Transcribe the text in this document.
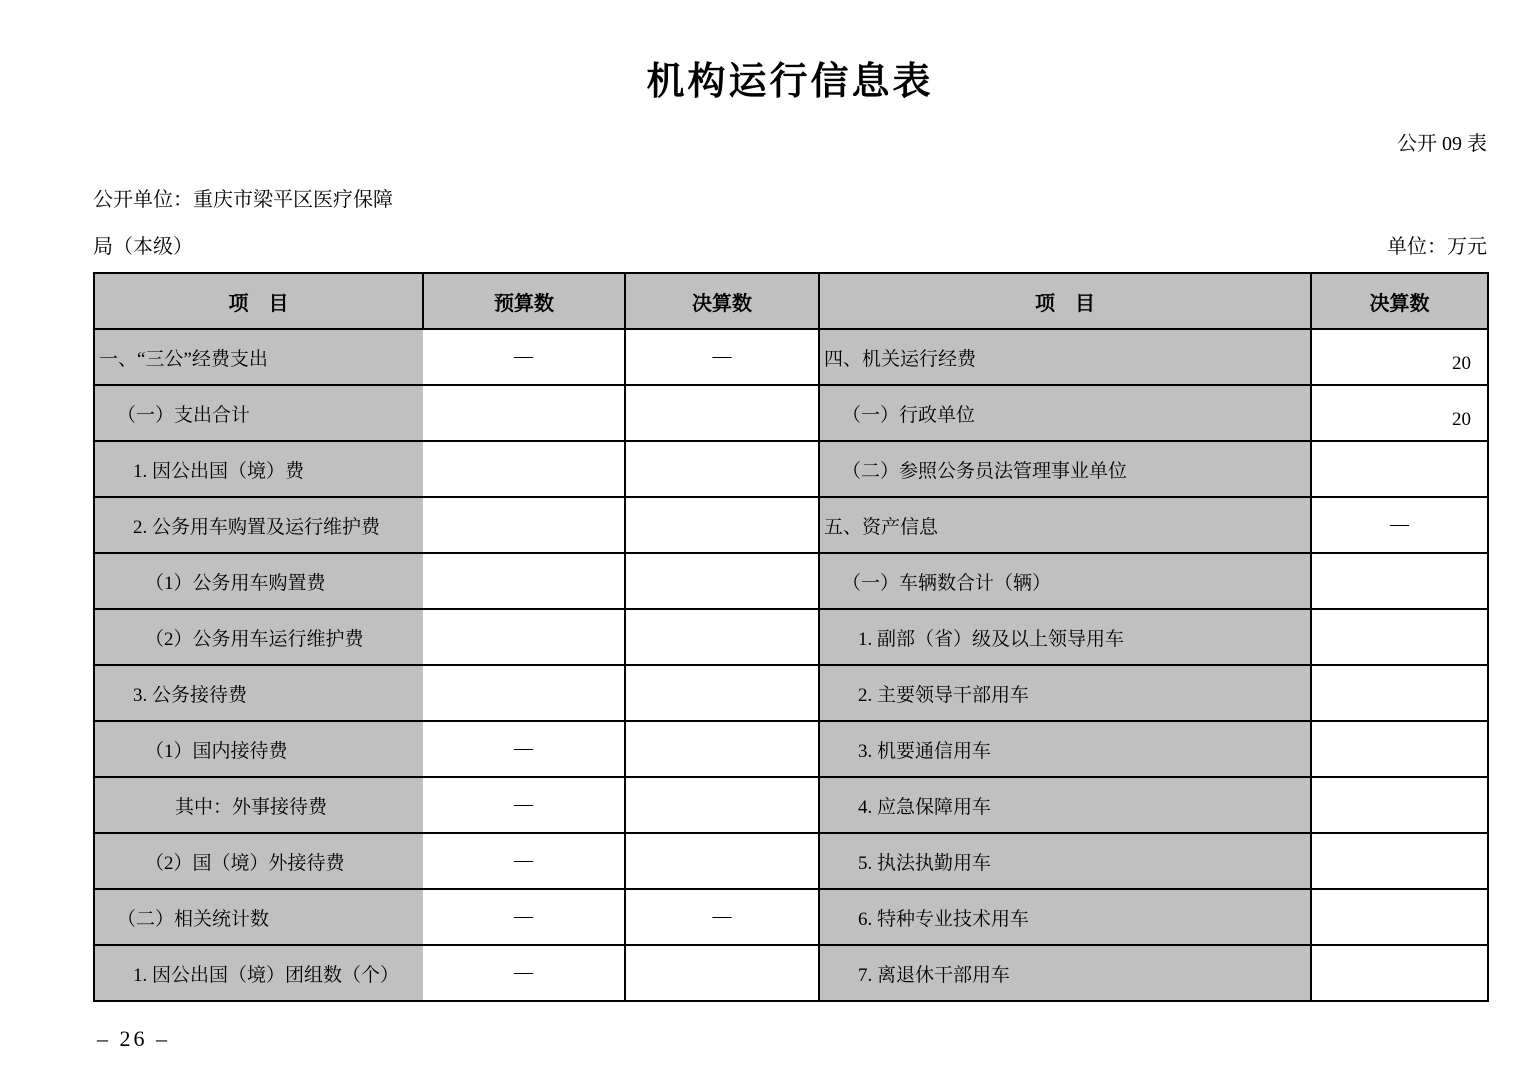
机构运行信息表
公开 09 表
公开单位：重庆市梁平区医疗保障
局（本级）	单位：万元
项　目	预算数	决算数	项　目	决算数
一、“三公”经费支出	—	—	四、机关运行经费	20
（一）支出合计			（一）行政单位	20
1. 因公出国（境）费			（二）参照公务员法管理事业单位	
2. 公务用车购置及运行维护费			五、资产信息	—
（1）公务用车购置费			（一）车辆数合计（辆）	
（2）公务用车运行维护费			1. 副部（省）级及以上领导用车	
3. 公务接待费			2. 主要领导干部用车	
（1）国内接待费	—		3. 机要通信用车	
其中：外事接待费	—		4. 应急保障用车	
（2）国（境）外接待费	—		5. 执法执勤用车	
（二）相关统计数	—	—	6. 特种专业技术用车	
1. 因公出国（境）团组数（个）	—		7. 离退休干部用车	
– 26 –
